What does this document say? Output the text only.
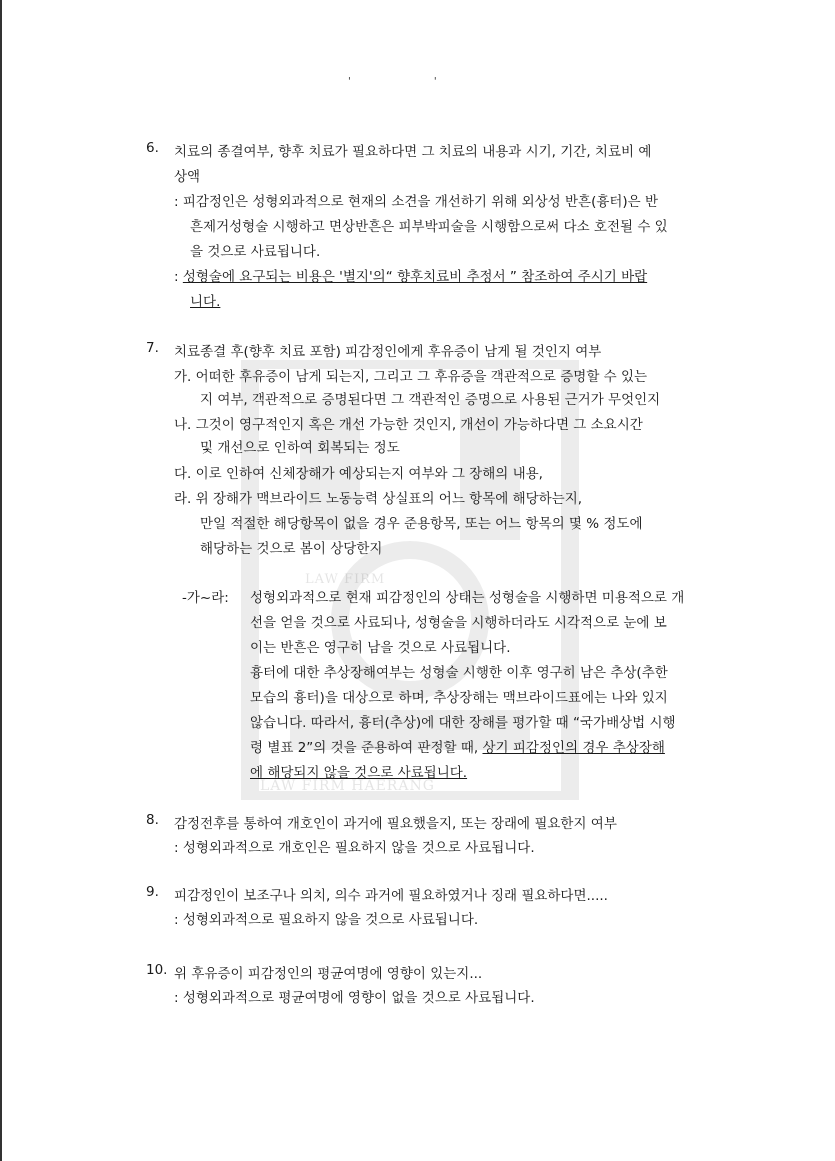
' '
LAW FIRM
LAW FIRM HAERANG
6. 치료의 종결여부, 향후 치료가 필요하다면 그 치료의 내용과 시기, 기간, 치료비 예
상액
: 피감정인은 성형외과적으로 현재의 소견을 개선하기 위해 외상성 반흔(흉터)은 반
흔제거성형술 시행하고 면상반흔은 피부박피술을 시행함으로써 다소 호전될 수 있
을 것으로 사료됩니다.
: 성형술에 요구되는 비용은 '별지'의“ 향후치료비 추정서 ” 참조하여 주시기 바랍
니다.
7. 치료종결 후(향후 치료 포함) 피감정인에게 후유증이 남게 될 것인지 여부
가. 어떠한 후유증이 남게 되는지, 그리고 그 후유증을 객관적으로 증명할 수 있는
지 여부, 객관적으로 증명된다면 그 객관적인 증명으로 사용된 근거가 무엇인지
나. 그것이 영구적인지 혹은 개선 가능한 것인지, 개선이 가능하다면 그 소요시간
및 개선으로 인하여 회복되는 정도
다. 이로 인하여 신체장해가 예상되는지 여부와 그 장해의 내용,
라. 위 장해가 맥브라이드 노동능력 상실표의 어느 항목에 해당하는지,
만일 적절한 해당항목이 없을 경우 준용항목, 또는 어느 항목의 몇 % 정도에
해당하는 것으로 봄이 상당한지
-가~라: 성형외과적으로 현재 피감정인의 상태는 성형술을 시행하면 미용적으로 개
선을 얻을 것으로 사료되나, 성형술을 시행하더라도 시각적으로 눈에 보
이는 반흔은 영구히 남을 것으로 사료됩니다.
흉터에 대한 추상장해여부는 성형술 시행한 이후 영구히 남은 추상(추한
모습의 흉터)을 대상으로 하며, 추상장해는 맥브라이드표에는 나와 있지
않습니다. 따라서, 흉터(추상)에 대한 장해를 평가할 때 “국가배상법 시행
령 별표 2”의 것을 준용하여 판정할 때, 상기 피감정인의 경우 추상장해
에 해당되지 않을 것으로 사료됩니다.
8. 감정전후를 통하여 개호인이 과거에 필요했을지, 또는 장래에 필요한지 여부
: 성형외과적으로 개호인은 필요하지 않을 것으로 사료됩니다.
9. 피감정인이 보조구나 의치, 의수 과거에 필요하였거나 징래 필요하다면.....
: 성형외과적으로 필요하지 않을 것으로 사료됩니다.
10. 위 후유증이 피감정인의 평균여명에 영향이 있는지...
: 성형외과적으로 평균여명에 영향이 없을 것으로 사료됩니다.
